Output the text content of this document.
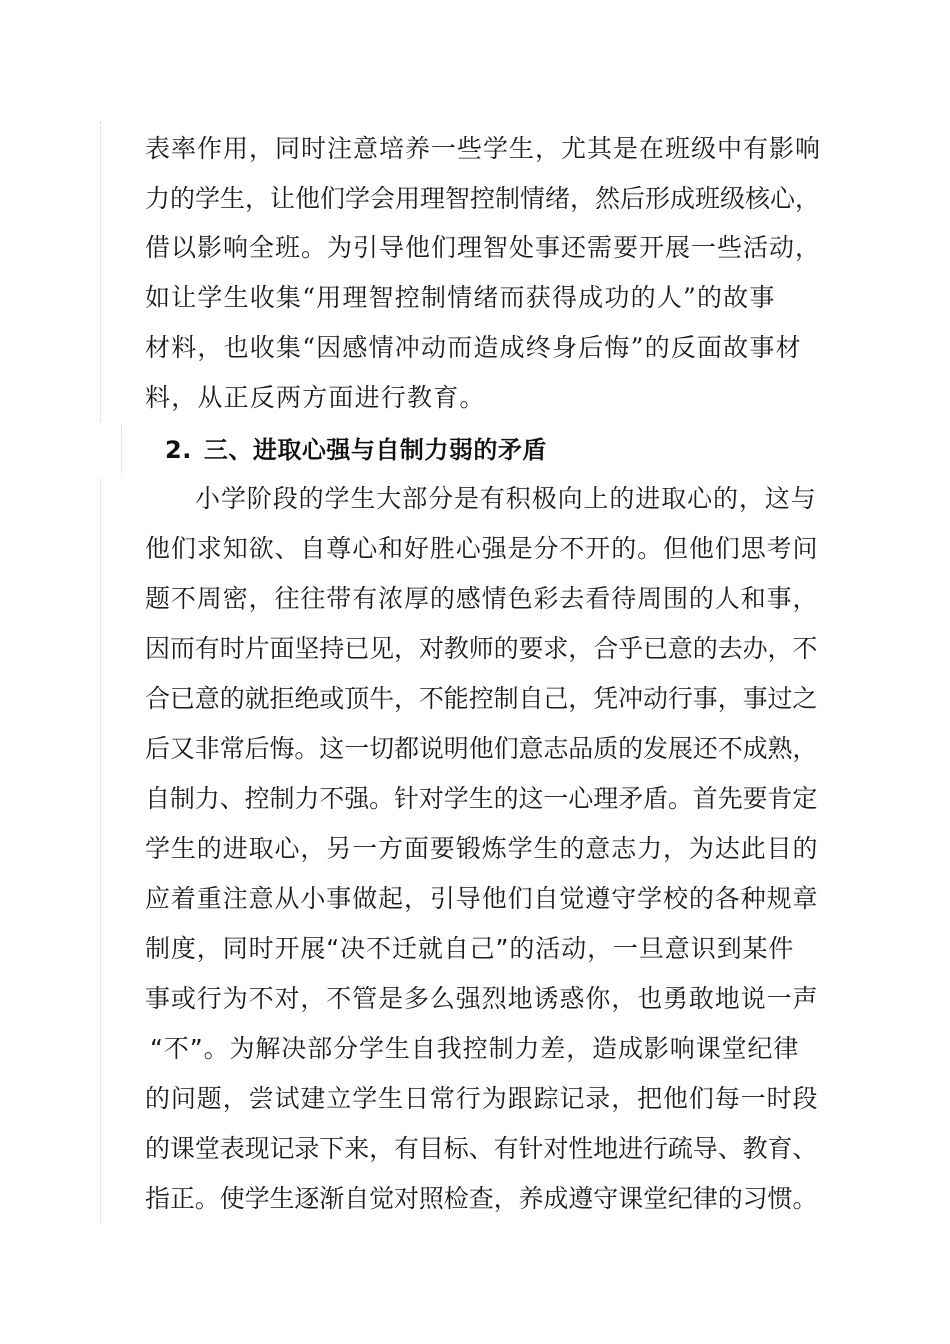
表率作用，同时注意培养一些学生，尤其是在班级中有影响
力的学生，让他们学会用理智控制情绪，然后形成班级核心，
借以影响全班。为引导他们理智处事还需要开展一些活动，
如让学生收集“用理智控制情绪而获得成功的人”的故事
材料，也收集“因感情冲动而造成终身后悔”的反面故事材
料，从正反两方面进行教育。
2. 三、进取心强与自制力弱的矛盾
小学阶段的学生大部分是有积极向上的进取心的，这与
他们求知欲、自尊心和好胜心强是分不开的。但他们思考问
题不周密，往往带有浓厚的感情色彩去看待周围的人和事，
因而有时片面坚持已见，对教师的要求，合乎已意的去办，不
合已意的就拒绝或顶牛，不能控制自己，凭冲动行事，事过之
后又非常后悔。这一切都说明他们意志品质的发展还不成熟，
自制力、控制力不强。针对学生的这一心理矛盾。首先要肯定
学生的进取心，另一方面要锻炼学生的意志力，为达此目的
应着重注意从小事做起，引导他们自觉遵守学校的各种规章
制度，同时开展“决不迁就自己”的活动，一旦意识到某件
事或行为不对，不管是多么强烈地诱惑你，也勇敢地说一声
“不”。为解决部分学生自我控制力差，造成影响课堂纪律
的问题，尝试建立学生日常行为跟踪记录，把他们每一时段
的课堂表现记录下来，有目标、有针对性地进行疏导、教育、
指正。使学生逐渐自觉对照检查，养成遵守课堂纪律的习惯。
